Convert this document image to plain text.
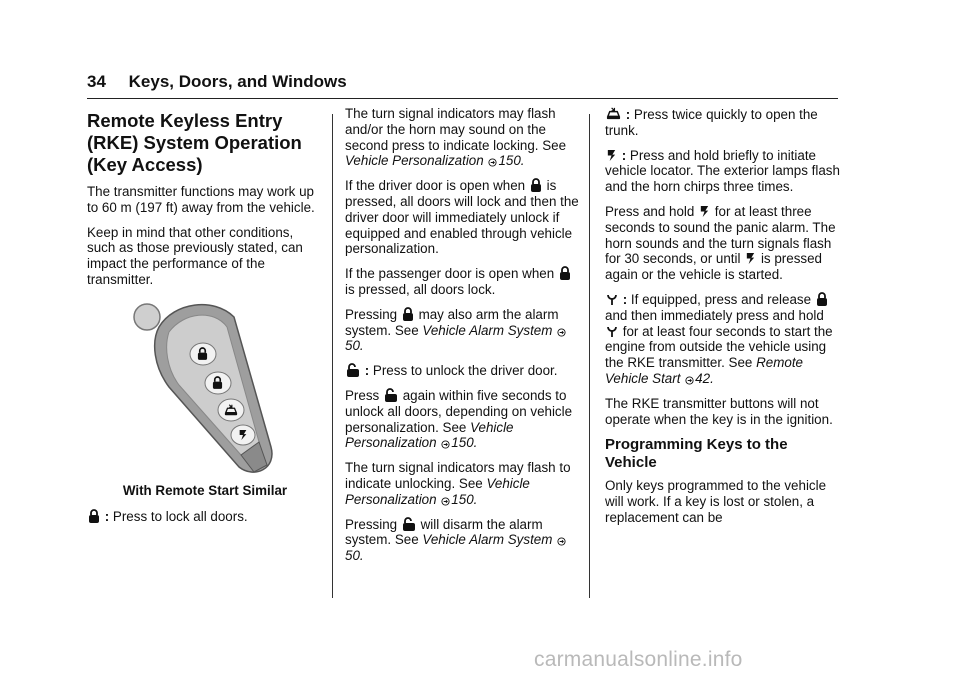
34 Keys, Doors, and Windows
Remote Keyless Entry
(RKE) System Operation
(Key Access)

The transmitter functions may work up to 60 m (197 ft) away from the vehicle.

Keep in mind that other conditions, such as those previously stated, can impact the performance of the transmitter.

With Remote Start Similar

: Press to lock all doors.

The turn signal indicators may flash and/or the horn may sound on the second press to indicate locking. See Vehicle Personalization 150.

If the driver door is open when is pressed, all doors will lock and then the driver door will immediately unlock if equipped and enabled through vehicle personalization.

If the passenger door is open when  is pressed, all doors lock.

Pressing may also arm the alarm system. See Vehicle Alarm System 50.

: Press to unlock the driver door.

Press again within five seconds to unlock all doors, depending on vehicle personalization. See Vehicle Personalization 150.

The turn signal indicators may flash to indicate unlocking. See Vehicle Personalization 150.

Pressing will disarm the alarm system. See Vehicle Alarm System 50.

: Press twice quickly to open the trunk.

: Press and hold briefly to initiate vehicle locator. The exterior lamps flash and the horn chirps three times.

Press and hold for at least three seconds to sound the panic alarm. The horn sounds and the turn signals flash for 30 seconds, or until is pressed again or the vehicle is started.

: If equipped, press and release  and then immediately press and hold  for at least four seconds to start the engine from outside the vehicle using the RKE transmitter. See Remote Vehicle Start 42.

The RKE transmitter buttons will not operate when the key is in the ignition.

Programming Keys to the Vehicle

Only keys programmed to the vehicle will work. If a key is lost or stolen, a replacement can be

carmanualsonline.info
